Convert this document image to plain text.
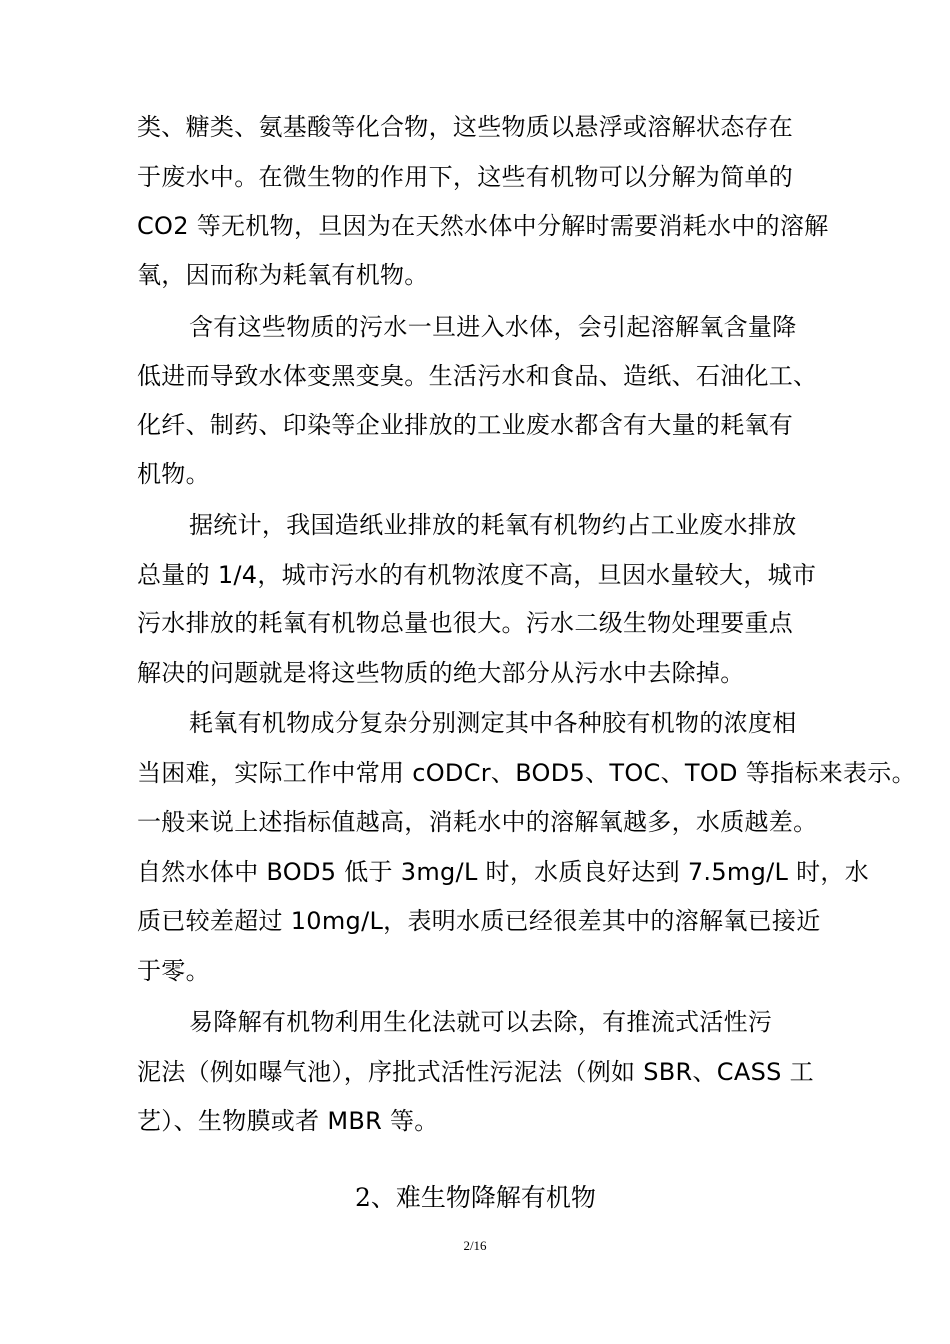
类、糖类、氨基酸等化合物，这些物质以悬浮或溶解状态存在
于废水中。在微生物的作用下，这些有机物可以分解为简单的
CO2 等无机物，旦因为在天然水体中分解时需要消耗水中的溶解
氧，因而称为耗氧有机物。
含有这些物质的污水一旦进入水体，会引起溶解氧含量降
低进而导致水体变黑变臭。生活污水和食品、造纸、石油化工、
化纤、制药、印染等企业排放的工业废水都含有大量的耗氧有
机物。
据统计，我国造纸业排放的耗氧有机物约占工业废水排放
总量的 1/4，城市污水的有机物浓度不高，旦因水量较大，城市
污水排放的耗氧有机物总量也很大。污水二级生物处理要重点
解决的问题就是将这些物质的绝大部分从污水中去除掉。
耗氧有机物成分复杂分别测定其中各种胶有机物的浓度相
当困难，实际工作中常用 cODCr、BOD5、TOC、TOD 等指标来表示。
一般来说上述指标值越高，消耗水中的溶解氧越多，水质越差。
自然水体中 BOD5 低于 3mg/L 时，水质良好达到 7.5mg/L 时，水
质已较差超过 10mg/L，表明水质已经很差其中的溶解氧已接近
于零。
易降解有机物利用生化法就可以去除，有推流式活性污
泥法（例如曝气池），序批式活性污泥法（例如 SBR、CASS 工
艺）、生物膜或者 MBR 等。
2、难生物降解有机物
2/16
